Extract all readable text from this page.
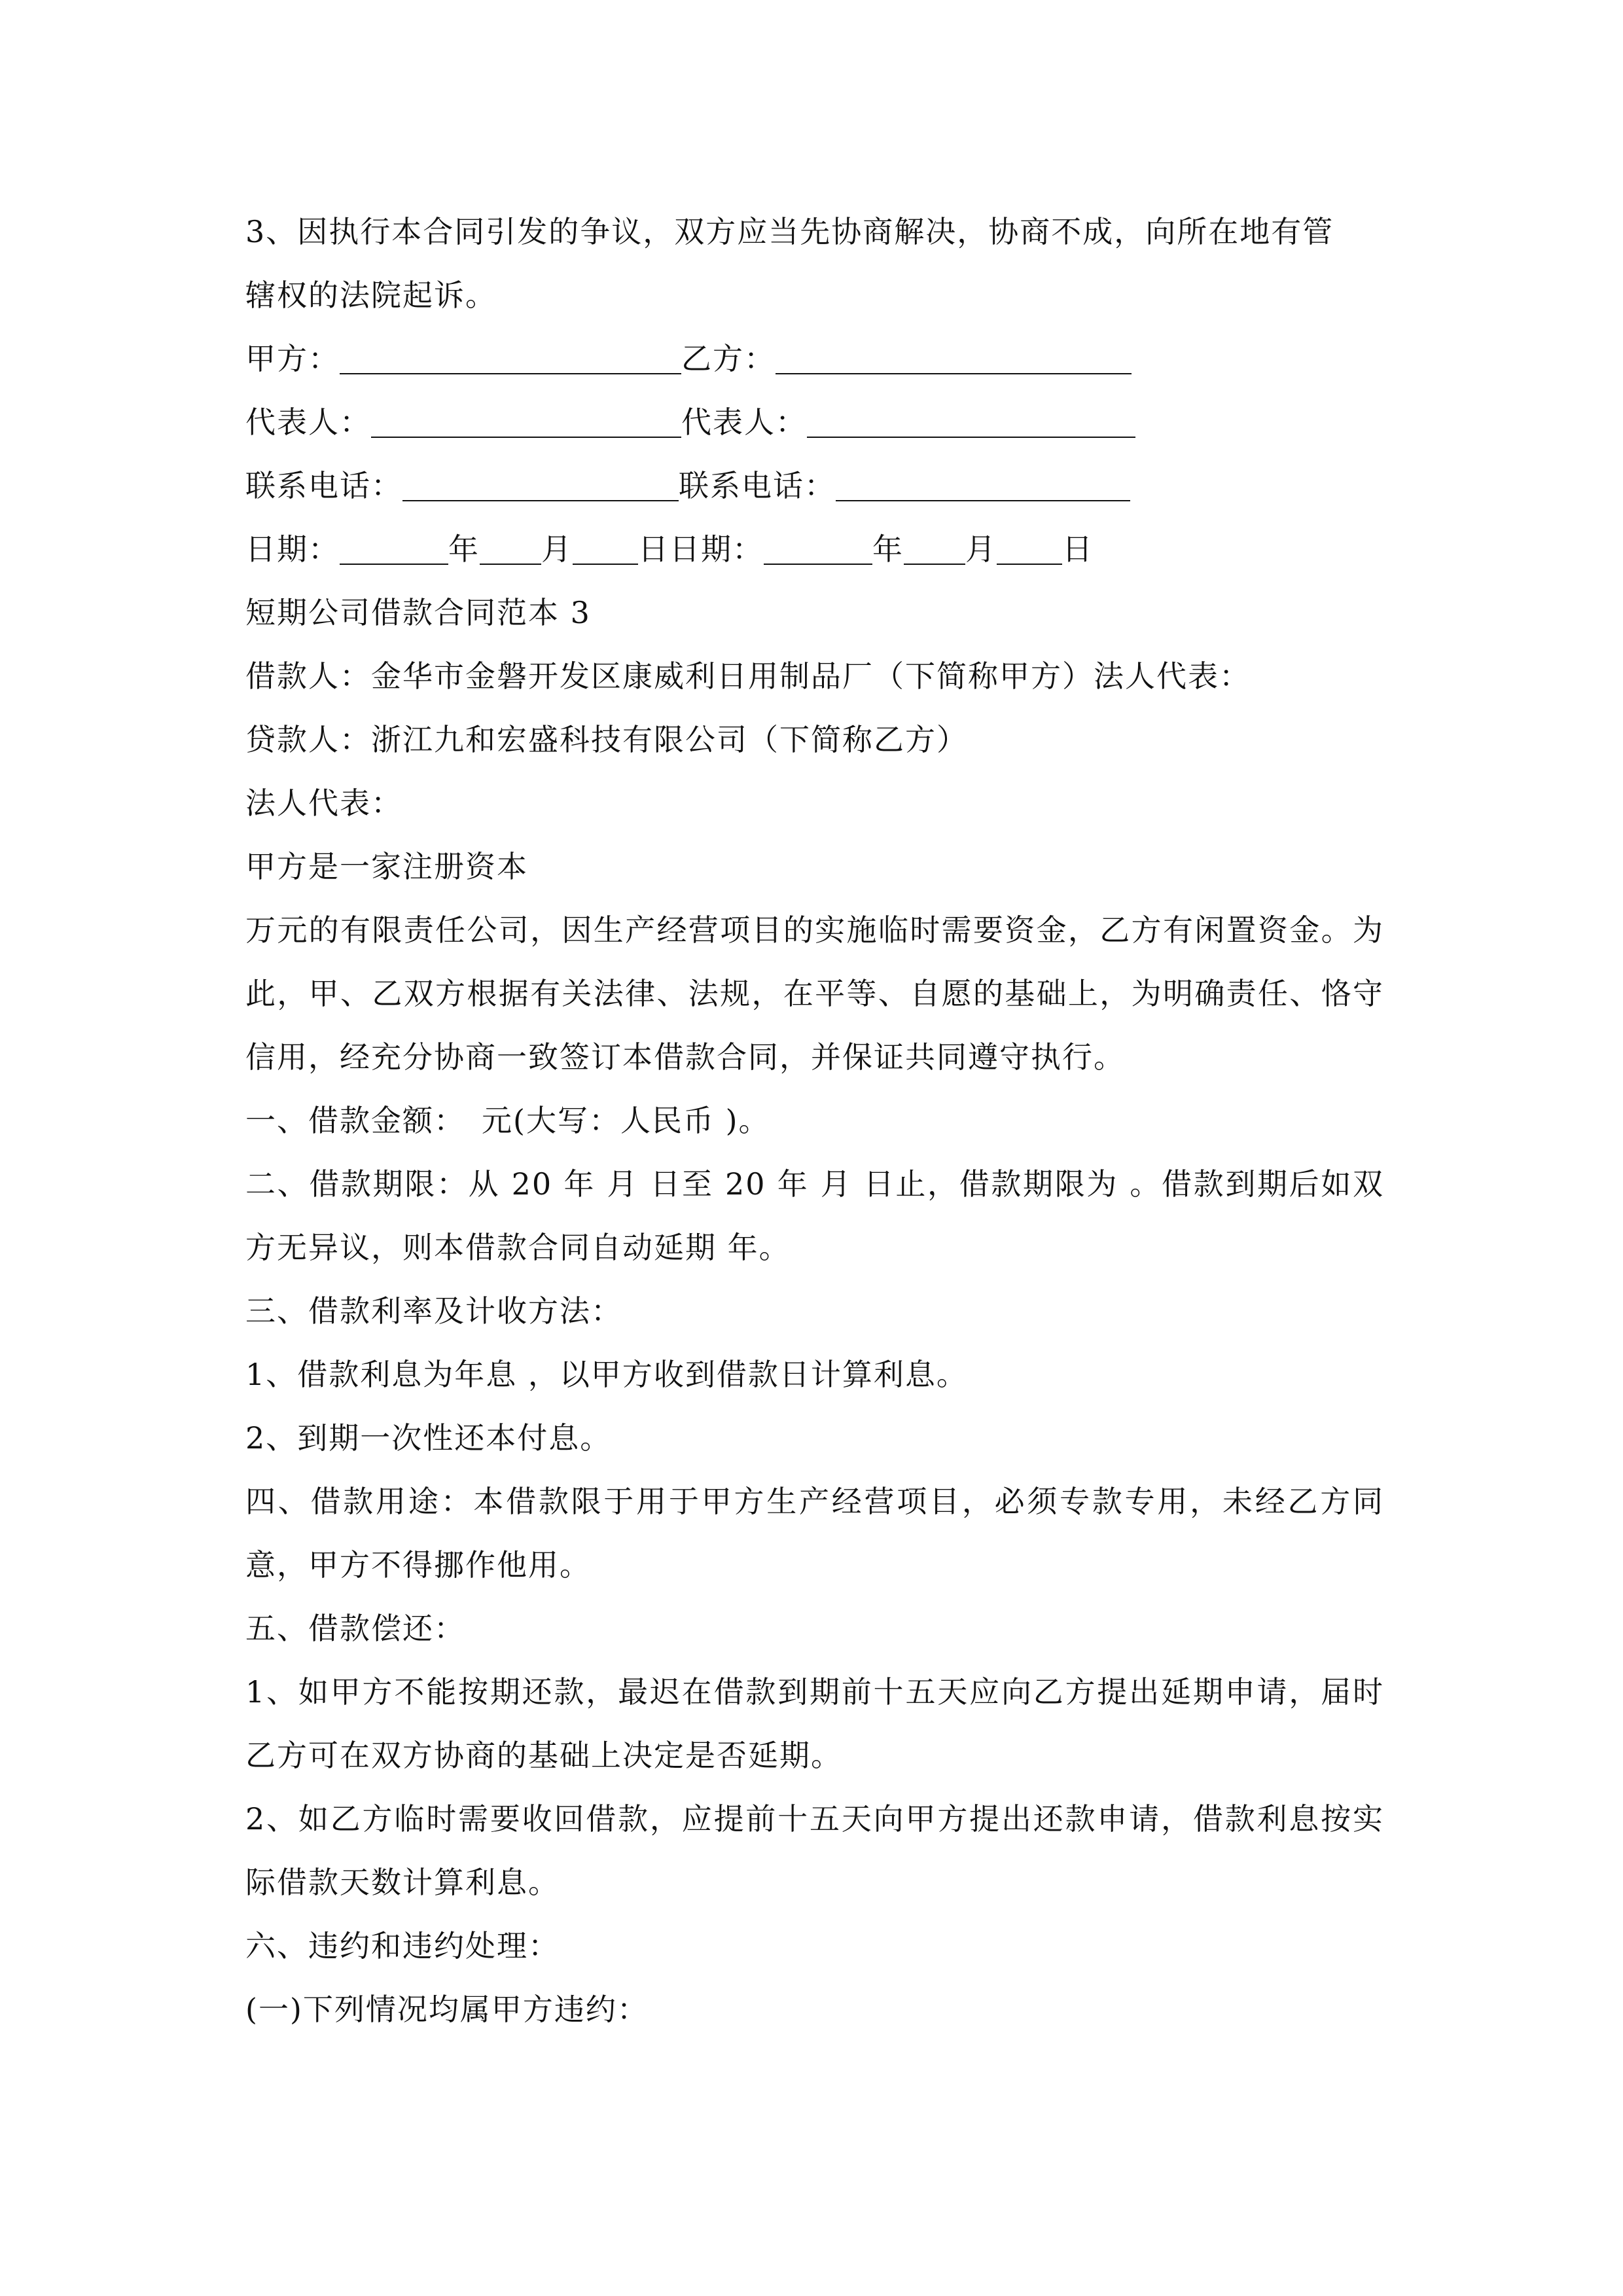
3、因执行本合同引发的争议，双方应当先协商解决，协商不成，向所在地有管

辖权的法院起诉。

甲方：	乙方：

代表人：	代表人：

联系电话：	联系电话：

日期：	年 月 日日期：	年 月 日

短期公司借款合同范本 3

借款人：金华市金磐开发区康威利日用制品厂（下简称甲方）法人代表：

贷款人：浙江九和宏盛科技有限公司（下简称乙方）

法人代表：

甲方是一家注册资本

万元的有限责任公司，因生产经营项目的实施临时需要资金，乙方有闲置资金。为此，甲、乙双方根据有关法律、法规，在平等、自愿的基础上，为明确责任、恪守信用，经充分协商一致签订本借款合同，并保证共同遵守执行。

一、借款金额：　元(大写：人民币 )。

二、借款期限：从 20 年 月 日至 20 年 月 日止，借款期限为 。借款到期后如双方无异议，则本借款合同自动延期 年。

三、借款利率及计收方法：

1、借款利息为年息 ，以甲方收到借款日计算利息。

2、到期一次性还本付息。

四、借款用途：本借款限于用于甲方生产经营项目，必须专款专用，未经乙方同意，甲方不得挪作他用。

五、借款偿还：

1、如甲方不能按期还款，最迟在借款到期前十五天应向乙方提出延期申请，届时乙方可在双方协商的基础上决定是否延期。

2、如乙方临时需要收回借款，应提前十五天向甲方提出还款申请，借款利息按实际借款天数计算利息。

六、违约和违约处理：

(一)下列情况均属甲方违约：
